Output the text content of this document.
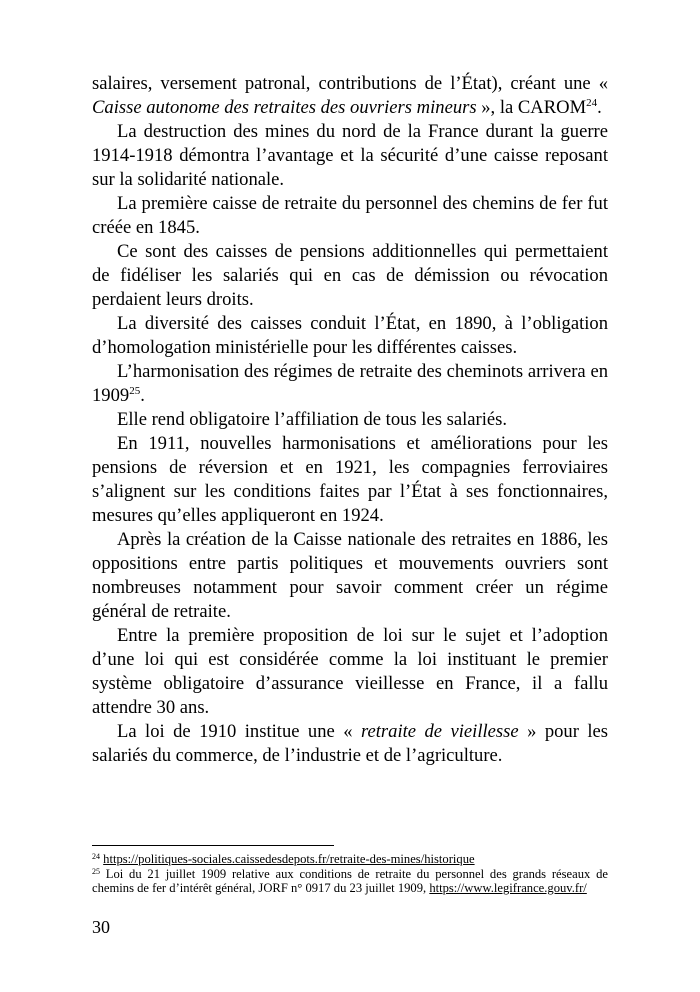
salaires, versement patronal, contributions de l’État), créant une « Caisse autonome des retraites des ouvriers mineurs », la CAROM$^{24}$.

La destruction des mines du nord de la France durant la guerre 1914-1918 démontra l’avantage et la sécurité d’une caisse reposant sur la solidarité nationale.

La première caisse de retraite du personnel des chemins de fer fut créée en 1845.

Ce sont des caisses de pensions additionnelles qui permettaient de fidéliser les salariés qui en cas de démission ou révocation perdaient leurs droits.

La diversité des caisses conduit l’État, en 1890, à l’obligation d’homologation ministérielle pour les différentes caisses.

L’harmonisation des régimes de retraite des cheminots arrivera en 1909$^{25}$.

Elle rend obligatoire l’affiliation de tous les salariés.

En 1911, nouvelles harmonisations et améliorations pour les pensions de réversion et en 1921, les compagnies ferroviaires s’alignent sur les conditions faites par l’État à ses fonctionnaires, mesures qu’elles appliqueront en 1924.

Après la création de la Caisse nationale des retraites en 1886, les oppositions entre partis politiques et mouvements ouvriers sont nombreuses notamment pour savoir comment créer un régime général de retraite.

Entre la première proposition de loi sur le sujet et l’adoption d’une loi qui est considérée comme la loi instituant le premier système obligatoire d’assurance vieillesse en France, il a fallu attendre 30 ans.

La loi de 1910 institue une « retraite de vieillesse » pour les salariés du commerce, de l’industrie et de l’agriculture.

$^{24}$ https://politiques-sociales.caissedesdepots.fr/retraite-des-mines/historique

$^{25}$ Loi du 21 juillet 1909 relative aux conditions de retraite du personnel des grands réseaux de chemins de fer d’intérêt général, JORF n° 0917 du 23 juillet 1909, https://www.legifrance.gouv.fr/

30
